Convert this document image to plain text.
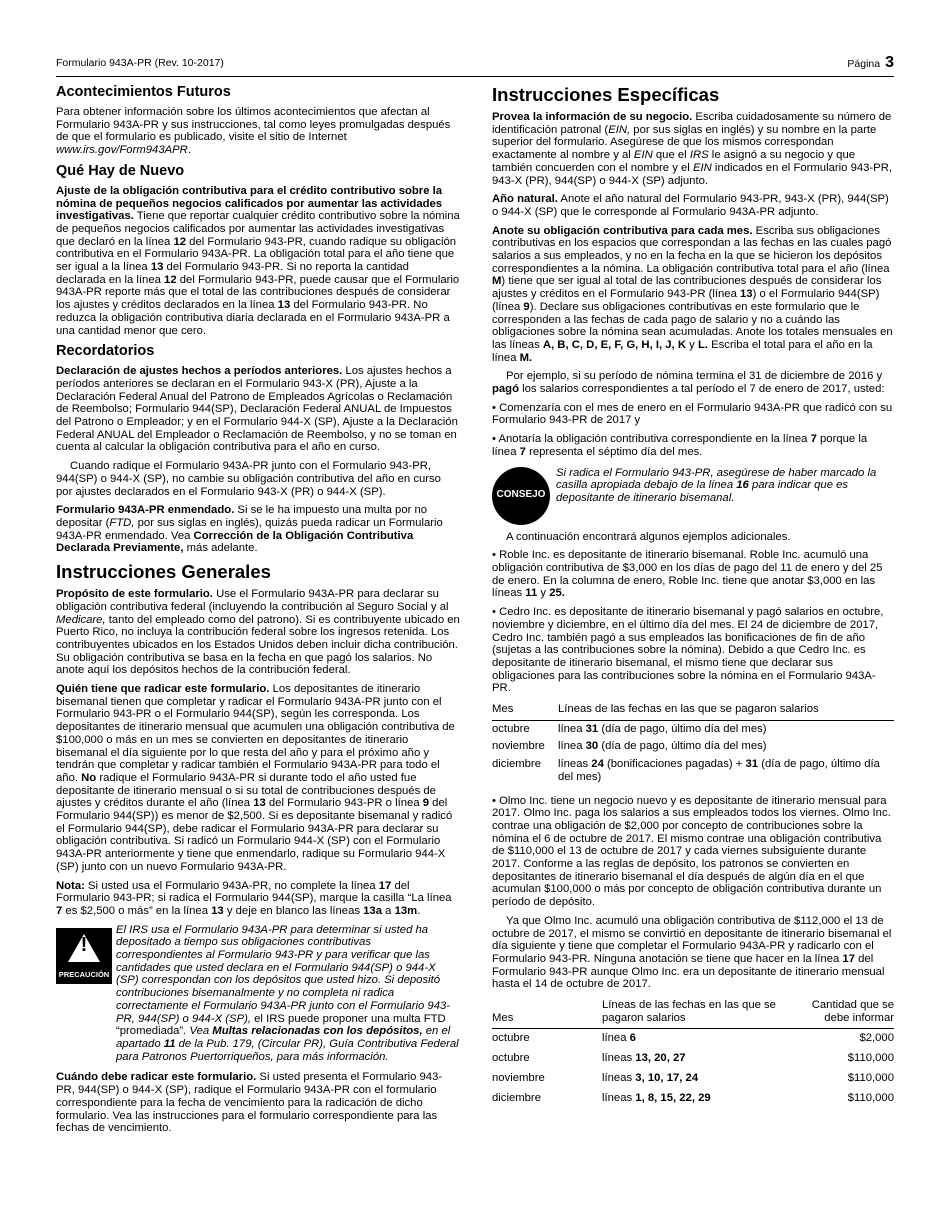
Formulario 943A-PR (Rev. 10-2017)	Página 3
Acontecimientos Futuros

Para obtener información sobre los últimos acontecimientos que afectan al Formulario 943A-PR y sus instrucciones, tal como leyes promulgadas después de que el formulario es publicado, visite el sitio de Internet www.irs.gov/Form943APR.

Qué Hay de Nuevo

Ajuste de la obligación contributiva para el crédito contributivo sobre la nómina de pequeños negocios calificados por aumentar las actividades investigativas. Tiene que reportar cualquier crédito contributivo sobre la nómina de pequeños negocios calificados por aumentar las actividades investigativas que declaró en la línea 12 del Formulario 943-PR, cuando radique su obligación contributiva en el Formulario 943A-PR. La obligación total para el año tiene que ser igual a la línea 13 del Formulario 943-PR. Si no reporta la cantidad declarada en la línea 12 del Formulario 943-PR, puede causar que el Formulario 943A-PR reporte más que el total de las contribuciones después de considerar los ajustes y créditos declarados en la línea 13 del Formulario 943-PR. No reduzca la obligación contributiva diaria declarada en el Formulario 943A-PR a una cantidad menor que cero.

Recordatorios

Declaración de ajustes hechos a períodos anteriores. Los ajustes hechos a períodos anteriores se declaran en el Formulario 943-X (PR), Ajuste a la Declaración Federal Anual del Patrono de Empleados Agrícolas o Reclamación de Reembolso; Formulario 944(SP), Declaración Federal ANUAL de Impuestos del Patrono o Empleador; y en el Formulario 944-X (SP), Ajuste a la Declaración Federal ANUAL del Empleador o Reclamación de Reembolso, y no se toman en cuenta al calcular la obligación contributiva para el año en curso.

Cuando radique el Formulario 943A-PR junto con el Formulario 943-PR, 944(SP) o 944-X (SP), no cambie su obligación contributiva del año en curso por ajustes declarados en el Formulario 943-X (PR) o 944-X (SP).

Formulario 943A-PR enmendado. Si se le ha impuesto una multa por no depositar (FTD, por sus siglas en inglés), quizás pueda radicar un Formulario 943A-PR enmendado. Vea Corrección de la Obligación Contributiva Declarada Previamente, más adelante.

Instrucciones Generales

Propósito de este formulario. Use el Formulario 943A-PR para declarar su obligación contributiva federal (incluyendo la contribución al Seguro Social y al Medicare, tanto del empleado como del patrono). Si es contribuyente ubicado en Puerto Rico, no incluya la contribución federal sobre los ingresos retenida. Los contribuyentes ubicados en los Estados Unidos deben incluir dicha contribución. Su obligación contributiva se basa en la fecha en que pagó los salarios. No anote aquí los depósitos hechos de la contribución federal.

Quién tiene que radicar este formulario. Los depositantes de itinerario bisemanal tienen que completar y radicar el Formulario 943A-PR junto con el Formulario 943-PR o el Formulario 944(SP), según les corresponda. Los depositantes de itinerario mensual que acumulen una obligación contributiva de $100,000 o más en un mes se convierten en depositantes de itinerario bisemanal el día siguiente por lo que resta del año y para el próximo año y tendrán que completar y radicar también el Formulario 943A-PR para todo el año. No radique el Formulario 943A-PR si durante todo el año usted fue depositante de itinerario mensual o si su total de contribuciones después de ajustes y créditos durante el año (línea 13 del Formulario 943-PR o línea 9 del Formulario 944(SP)) es menor de $2,500. Si es depositante bisemanal y radicó el Formulario 944(SP), debe radicar el Formulario 943A-PR para declarar su obligación contributiva. Si radicó un Formulario 944-X (SP) con el Formulario 943A-PR anteriormente y tiene que enmendarlo, radique su Formulario 944-X (SP) junto con un nuevo Formulario 943A-PR.

Nota: Si usted usa el Formulario 943A-PR, no complete la línea 17 del Formulario 943-PR; si radica el Formulario 944(SP), marque la casilla “La línea 7 es $2,500 o más” en la línea 13 y deje en blanco las líneas 13a a 13m.

!
PRECAUCIÓN
El IRS usa el Formulario 943A-PR para determinar si usted ha depositado a tiempo sus obligaciones contributivas correspondientes al Formulario 943-PR y para verificar que las cantidades que usted declara en el Formulario 944(SP) o 944-X (SP) correspondan con los depósitos que usted hizo. Si depositó contribuciones bisemanalmente y no completa ni radica correctamente el Formulario 943A-PR junto con el Formulario 943-PR, 944(SP) o 944-X (SP), el IRS puede proponer una multa FTD “promediada”. Vea Multas relacionadas con los depósitos, en el apartado 11 de la Pub. 179, (Circular PR), Guía Contributiva Federal para Patronos Puertorriqueños, para más información.

Cuándo debe radicar este formulario. Si usted presenta el Formulario 943-PR, 944(SP) o 944-X (SP), radique el Formulario 943A-PR con el formulario correspondiente para la fecha de vencimiento para la radicación de dicho formulario. Vea las instrucciones para el formulario correspondiente para las fechas de vencimiento.

Instrucciones Específicas

Provea la información de su negocio. Escriba cuidadosamente su número de identificación patronal (EIN, por sus siglas en inglés) y su nombre en la parte superior del formulario. Asegúrese de que los mismos correspondan exactamente al nombre y al EIN que el IRS le asignó a su negocio y que también concuerden con el nombre y el EIN indicados en el Formulario 943-PR, 943-X (PR), 944(SP) o 944-X (SP) adjunto.

Año natural. Anote el año natural del Formulario 943-PR, 943-X (PR), 944(SP) o 944-X (SP) que le corresponde al Formulario 943A-PR adjunto.

Anote su obligación contributiva para cada mes. Escriba sus obligaciones contributivas en los espacios que correspondan a las fechas en las cuales pagó salarios a sus empleados, y no en la fecha en la que se hicieron los depósitos correspondientes a la nómina. La obligación contributiva total para el año (línea M) tiene que ser igual al total de las contribuciones después de considerar los ajustes y créditos en el Formulario 943-PR (línea 13) o el Formulario 944(SP) (línea 9). Declare sus obligaciones contributivas en este formulario que le corresponden a las fechas de cada pago de salario y no a cuándo las obligaciones sobre la nómina sean acumuladas. Anote los totales mensuales en las líneas A, B, C, D, E, F, G, H, I, J, K y L. Escriba el total para el año en la línea M.

Por ejemplo, si su período de nómina termina el 31 de diciembre de 2016 y pagó los salarios correspondientes a tal período el 7 de enero de 2017, usted:

• Comenzaría con el mes de enero en el Formulario 943A-PR que radicó con su Formulario 943-PR de 2017 y

• Anotaría la obligación contributiva correspondiente en la línea 7 porque la línea 7 representa el séptimo día del mes.

CONSEJO
Si radica el Formulario 943-PR, asegúrese de haber marcado la casilla apropiada debajo de la línea 16 para indicar que es depositante de itinerario bisemanal.

A continuación encontrará algunos ejemplos adicionales.

• Roble Inc. es depositante de itinerario bisemanal. Roble Inc. acumuló una obligación contributiva de $3,000 en los días de pago del 11 de enero y del 25 de enero. En la columna de enero, Roble Inc. tiene que anotar $3,000 en las líneas 11 y 25.

• Cedro Inc. es depositante de itinerario bisemanal y pagó salarios en octubre, noviembre y diciembre, en el último día del mes. El 24 de diciembre de 2017, Cedro Inc. también pagó a sus empleados las bonificaciones de fin de año (sujetas a las contribuciones sobre la nómina). Debido a que Cedro Inc. es depositante de itinerario bisemanal, el mismo tiene que declarar sus obligaciones para las contribuciones sobre la nómina en el Formulario 943A-PR.

Mes	Líneas de las fechas en las que se pagaron salarios
octubre	línea 31 (día de pago, último día del mes)
noviembre	línea 30 (día de pago, último día del mes)
diciembre	líneas 24 (bonificaciones pagadas) + 31 (día de pago, último día del mes)

• Olmo Inc. tiene un negocio nuevo y es depositante de itinerario mensual para 2017. Olmo Inc. paga los salarios a sus empleados todos los viernes. Olmo Inc. contrae una obligación de $2,000 por concepto de contribuciones sobre la nómina el 6 de octubre de 2017. El mismo contrae una obligación contributiva de $110,000 el 13 de octubre de 2017 y cada viernes subsiguiente durante 2017. Conforme a las reglas de depósito, los patronos se convierten en depositantes de itinerario bisemanal el día después de algún día en el que acumulan $100,000 o más por concepto de obligación contributiva durante un período de depósito.

Ya que Olmo Inc. acumuló una obligación contributiva de $112,000 el 13 de octubre de 2017, el mismo se convirtió en depositante de itinerario bisemanal el día siguiente y tiene que completar el Formulario 943A-PR y radicarlo con el Formulario 943-PR. Ninguna anotación se tiene que hacer en la línea 17 del Formulario 943-PR aunque Olmo Inc. era un depositante de itinerario mensual hasta el 14 de octubre de 2017.

Mes	Líneas de las fechas en las que se pagaron salarios	Cantidad que se debe informar
octubre	línea 6	$2,000
octubre	líneas 13, 20, 27	$110,000
noviembre	líneas 3, 10, 17, 24	$110,000
diciembre	líneas 1, 8, 15, 22, 29	$110,000
